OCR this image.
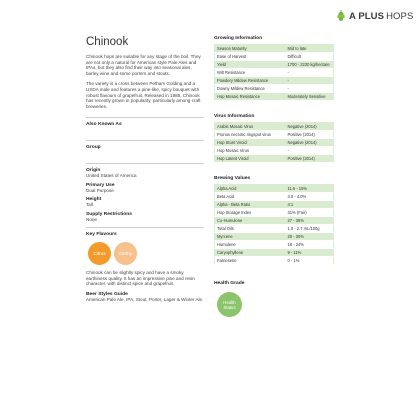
A PLUS HOPS
Chinook

Chinook hops are suitable for any stage of the boil. They are not only a natural for American style Pale Ales and IPAs, but they also find their way into seasonal ales, barley wine and some porters and stouts.

The variety is a cross between Petham Golding and a USDA male and features a pine-like, spicy bouquet with robust flavours of grapefruit. Released in 1985, Chinook has recently grown in popularity, particularly among craft breweries.

Also Known As
Group
Origin
United States of America
Primary Use
Dual Purpose
Height
Tall
Supply Restrictions
None
Key Flavours
Citrus	Earthy

Chinook can be slightly spicy and have a smoky earthiness quality. It has an impressive pine and resin character, with distinct spice and grapefruit.

Beer Styles Guide
American Pale Ale, IPA, Stout, Porter, Lager & Winter Ale.
Growing Information
Season Maturity	Mid to late
Ease of Harvest	Difficult
Yield	1700 - 2230 kg/hectare
Wilt Resistance	-
Powdery Mildew Resistance	-
Downy Mildew Resistance	-
Hop Mosaic Resistance	Moderately Sensitive
Virus Information
Arabis Mosaic Virus	Negative (2014)
Prunus necrotic ringspot virus	Positive (2014)
Hop Stunt Viroid	Negative (2014)
Hop Mosaic Virus	-
Hop Latent Viroid	Positive (2014)
Brewing Values
Alpha Acid	11.5 - 15%
Beta Acid	3.0 - 4.0%
Alpha - Beta Ratio	4:1
Hop Storage Index	31% (Fair)
Co-Humulone	27 - 35%
Total Oils	1.0 - 2.7 mL/100g
Myrcene	20 - 30%
Humulene	18 - 24%
Caryophyllene	9 - 11%
Farnesene	0 - 1%
Health Grade
Health
Status
